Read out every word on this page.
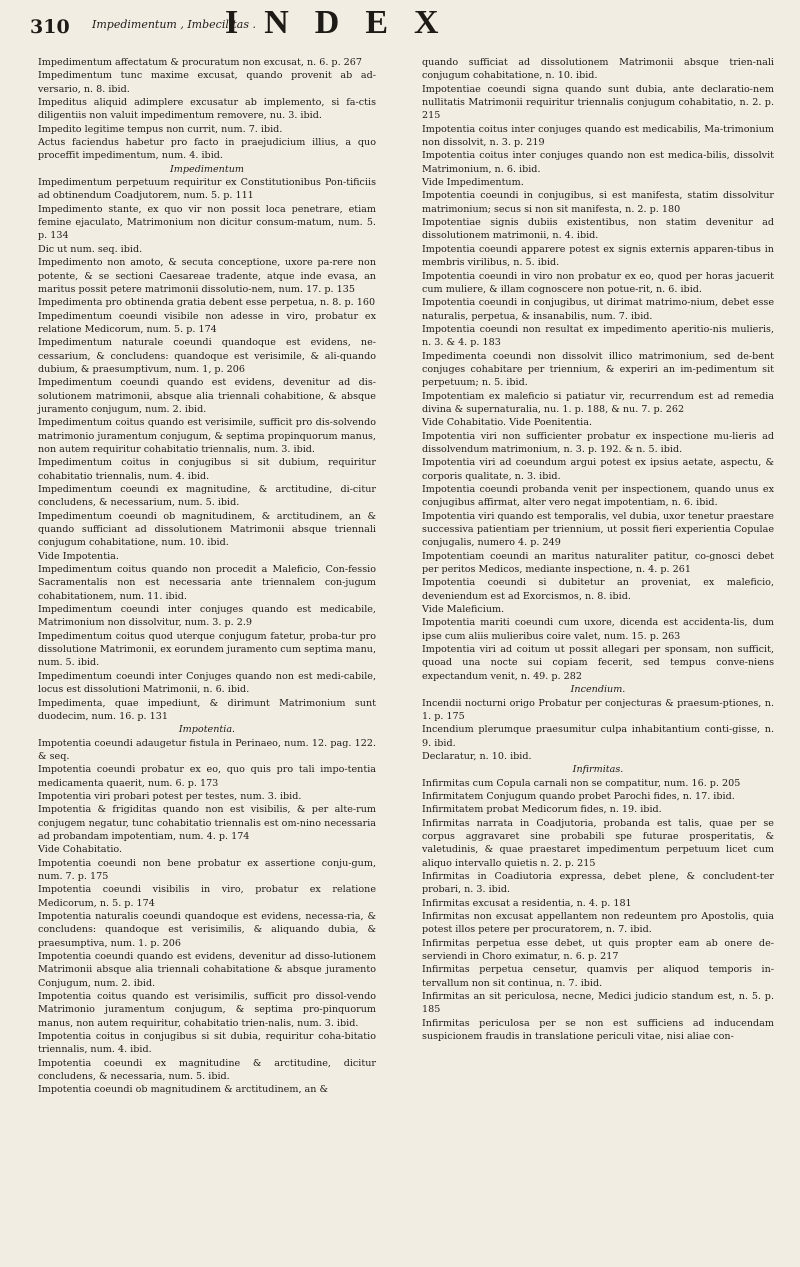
310 Impedimentum , Imbecilitas .
INDEX
Impedimentum affectatum & procuratum non excusat, n. 6. p. 267
Impedimentum tunc maxime excusat, quando provenit ab ad-versario, n. 8. ibid.
Impeditus aliquid adimplere excusatur ab implemento, si fa-ctis diligentiis non valuit impedimentum removere, nu. 3. ibid.
Impedito legitime tempus non currit, num. 7. ibid.
Actus faciendus habetur pro facto in praejudicium illius, a quo proceffit impedimentum, num. 4. ibid.
Impedimentum
Impedimentum perpetuum requiritur ex Constitutionibus Pon-tificiis ad obtinendum Coadjutorem, num. 5. p. 111
Impedimento stante, ex quo vir non possit loca penetrare, etiam femine ejaculato, Matrimonium non dicitur consum-matum, num. 5. p. 134
Dic ut num. seq. ibid.
Impedimento non amoto, & secuta conceptione, uxore pa-rere non potente, & se sectioni Caesareae tradente, atque inde evasa, an maritus possit petere matrimonii dissolutio-nem, num. 17. p. 135
Impedimenta pro obtinenda gratia debent esse perpetua, n. 8. p. 160
Impedimentum coeundi visibile non adesse in viro, probatur ex relatione Medicorum, num. 5. p. 174
Impedimentum naturale coeundi quandoque est evidens, ne-cessarium, & concludens: quandoque est verisimile, & ali-quando dubium, & praesumptivum, num. 1, p. 206
Impedimentum coeundi quando est evidens, devenitur ad dis-solutionem matrimonii, absque alia triennali cohabitione, & absque juramento conjugum, num. 2. ibid.
Impedimentum coitus quando est verisimile, sufficit pro dis-solvendo matrimonio juramentum conjugum, & septima propinquorum manus, non autem requiritur cohabitatio triennalis, num. 3. ibid.
Impedimentum coitus in conjugibus si sit dubium, requiritur cohabitatio triennalis, num. 4. ibid.
Impedimentum coeundi ex magnitudine, & arctitudine, di-citur concludens, & necessarium, num. 5. ibid.
Impedimentum coeundi ob magnitudinem, & arctitudinem, an & quando sufficiant ad dissolutionem Matrimonii absque triennali conjugum cohabitatione, num. 10. ibid.
Vide Impotentia.
Impedimentum coitus quando non procedit a Maleficio, Con-fessio Sacramentalis non est necessaria ante triennalem con-jugum cohabitationem, num. 11. ibid.
Impedimentum coeundi inter conjuges quando est medicabile, Matrimonium non dissolvitur, num. 3. p. 2.9
Impedimentum coitus quod uterque conjugum fatetur, proba-tur pro dissolutione Matrimonii, ex eorundem juramento cum septima manu, num. 5. ibid.
Impedimentum coeundi inter Conjuges quando non est medi-cabile, locus est dissolutioni Matrimonii, n. 6. ibid.
Impedimenta, quae impediunt, & dirimunt Matrimonium sunt duodecim, num. 16. p. 131
Impotentia.
Impotentia coeundi adaugetur fistula in Perinaeo, num. 12. pag. 122. & seq.
Impotentia coeundi probatur ex eo, quo quis pro tali impo-tentia medicamenta quaerit, num. 6. p. 173
Impotentia viri probari potest per testes, num. 3. ibid.
Impotentia & frigiditas quando non est visibilis, & per alte-rum conjugem negatur, tunc cohabitatio triennalis est om-nino necessaria ad probandam impotentiam, num. 4. p. 174
Vide Cohabitatio.
Impotentia coeundi non bene probatur ex assertione conju-gum, num. 7. p. 175
Impotentia coeundi visibilis in viro, probatur ex relatione Medicorum, n. 5. p. 174
Impotentia naturalis coeundi quandoque est evidens, necessa-ria, & concludens: quandoque est verisimilis, & aliquando dubia, & praesumptiva, num. 1. p. 206
Impotentia coeundi quando est evidens, devenitur ad disso-lutionem Matrimonii absque alia triennali cohabitatione & absque juramento Conjugum, num. 2. ibid.
Impotentia coitus quando est verisimilis, sufficit pro dissol-vendo Matrimonio juramentum conjugum, & septima pro-pinquorum manus, non autem requiritur, cohabitatio trien-nalis, num. 3. ibid.
Impotentia coitus in conjugibus si sit dubia, requiritur coha-bitatio triennalis, num. 4. ibid.
Impotentia coeundi ex magnitudine & arctitudine, dicitur concludens, & necessaria, num. 5. ibid.
Impotentia coeundi ob magnitudinem & arctitudinem, an &
quando sufficiat ad dissolutionem Matrimonii absque trien-nali conjugum cohabitatione, n. 10. ibid.
Impotentiae coeundi signa quando sunt dubia, ante declaratio-nem nullitatis Matrimonii requiritur triennalis conjugum cohabitatio, n. 2. p. 215
Impotentia coitus inter conjuges quando est medicabilis, Ma-trimonium non dissolvit, n. 3. p. 219
Impotentia coitus inter conjuges quando non est medica-bilis, dissolvit Matrimonium, n. 6. ibid.
Vide Impedimentum.
Impotentia coeundi in conjugibus, si est manifesta, statim dissolvitur matrimonium; secus si non sit manifesta, n. 2. p. 180
Impotentiae signis dubiis existentibus, non statim devenitur ad dissolutionem matrimonii, n. 4. ibid.
Impotentia coeundi apparere potest ex signis externis apparen-tibus in membris virilibus, n. 5. ibid.
Impotentia coeundi in viro non probatur ex eo, quod per horas jacuerit cum muliere, & illam cognoscere non potue-rit, n. 6. ibid.
Impotentia coeundi in conjugibus, ut dirimat matrimo-nium, debet esse naturalis, perpetua, & insanabilis, num. 7. ibid.
Impotentia coeundi non resultat ex impedimento aperitio-nis mulieris, n. 3. & 4. p. 183
Impedimenta coeundi non dissolvit illico matrimonium, sed de-bent conjuges cohabitare per triennium, & experiri an im-pedimentum sit perpetuum; n. 5. ibid.
Impotentiam ex maleficio si patiatur vir, recurrendum est ad remedia divina & supernaturalia, nu. 1. p. 188, & nu. 7. p. 262
Vide Cohabitatio. Vide Poenitentia.
Impotentia viri non sufficienter probatur ex inspectione mu-lieris ad dissolvendum matrimonium, n. 3. p. 192. & n. 5. ibid.
Impotentia viri ad coeundum argui potest ex ipsius aetate, aspectu, & corporis qualitate, n. 3. ibid.
Impotentia coeundi probanda venit per inspectionem, quando unus ex conjugibus affirmat, alter vero negat impotentiam, n. 6. ibid.
Impotentia viri quando est temporalis, vel dubia, uxor tenetur praestare successiva patientiam per triennium, ut possit fieri experientia Copulae conjugalis, numero 4. p. 249
Impotentiam coeundi an maritus naturaliter patitur, co-gnosci debet per peritos Medicos, mediante inspectione, n. 4. p. 261
Impotentia coeundi si dubitetur an proveniat, ex maleficio, deveniendum est ad Exorcismos, n. 8. ibid.
Vide Maleficium.
Impotentia mariti coeundi cum uxore, dicenda est accidenta-lis, dum ipse cum aliis mulieribus coire valet, num. 15. p. 263
Impotentia viri ad coitum ut possit allegari per sponsam, non sufficit, quoad una nocte sui copiam fecerit, sed tempus conve-niens expectandum venit, n. 49. p. 282
Incendium.
Incendii nocturni origo Probatur per conjecturas & praesum-ptiones, n. 1. p. 175
Incendium plerumque praesumitur culpa inhabitantium conti-gisse, n. 9. ibid.
Declaratur, n. 10. ibid.
Infirmitas.
Infirmitas cum Copula carnali non se compatitur, num. 16. p. 205
Infirmitatem Conjugum quando probet Parochi fides, n. 17. ibid.
Infirmitatem probat Medicorum fides, n. 19. ibid.
Infirmitas narrata in Coadjutoria, probanda est talis, quae per se corpus aggravaret sine probabili spe futurae prosperitatis, & valetudinis, & quae praestaret impedimentum perpetuum licet cum aliquo intervallo quietis n. 2. p. 215
Infirmitas in Coadiutoria expressa, debet plene, & concludent-ter probari, n. 3. ibid.
Infirmitas excusat a residentia, n. 4. p. 181
Infirmitas non excusat appellantem non redeuntem pro Apostolis, quia potest illos petere per procuratorem, n. 7. ibid.
Infirmitas perpetua esse debet, ut quis propter eam ab onere de-serviendi in Choro eximatur, n. 6. p. 217
Infirmitas perpetua censetur, quamvis per aliquod temporis in-tervallum non sit continua, n. 7. ibid.
Infirmitas an sit periculosa, necne, Medici judicio standum est, n. 5. p. 185
Infirmitas periculosa per se non est sufficiens ad inducendam suspicionem fraudis in translatione periculi vitae, nisi aliae con-
